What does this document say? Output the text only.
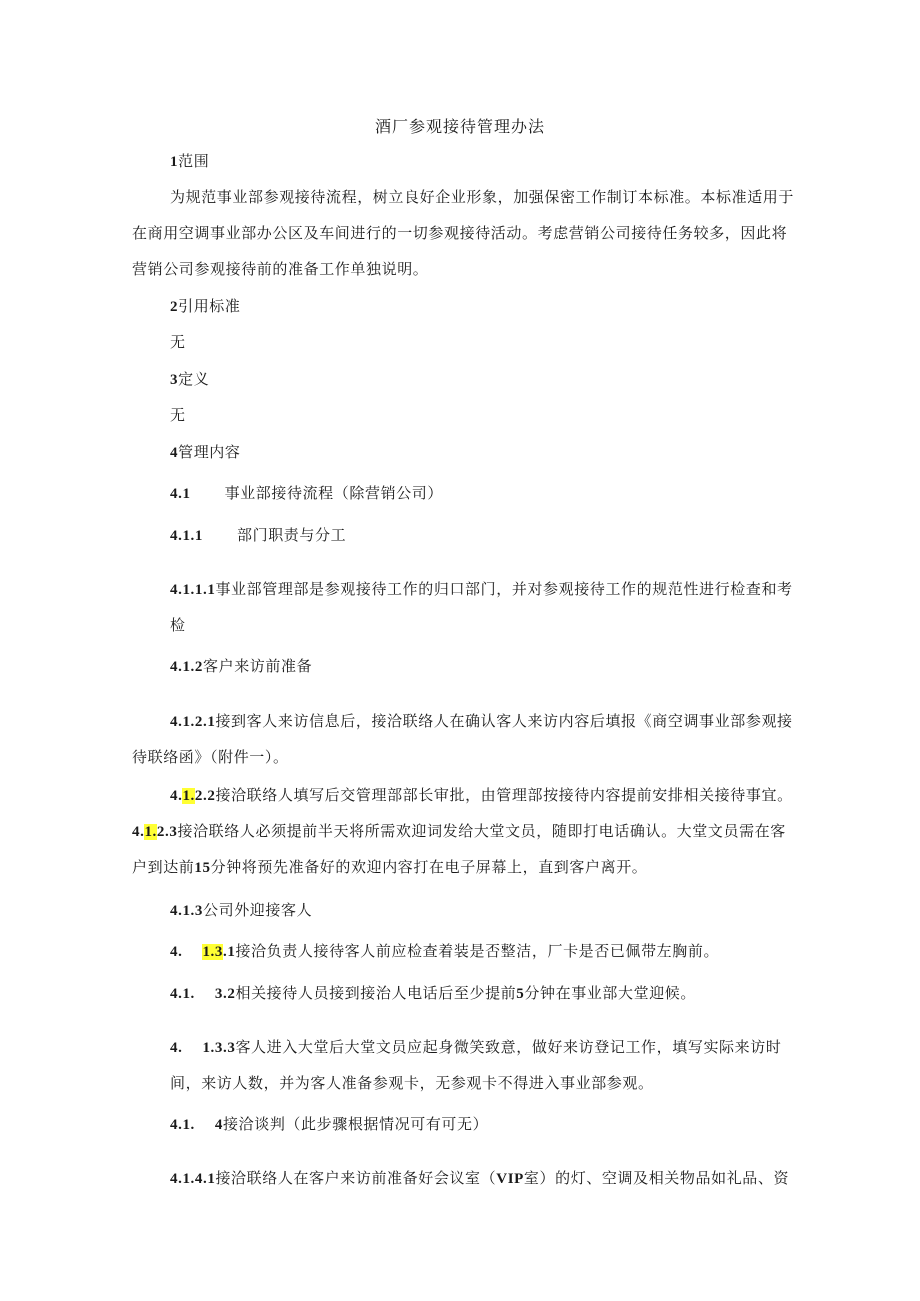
酒厂参观接待管理办法
1范围
为规范事业部参观接待流程，树立良好企业形象，加强保密工作制订本标准。本标准适用于
在商用空调事业部办公区及车间进行的一切参观接待活动。考虑营销公司接待任务较多，因此将
营销公司参观接待前的准备工作单独说明。
2引用标准
无
3定义
无
4管理内容
4.1 事业部接待流程（除营销公司）
4.1.1 部门职责与分工
4.1.1.1事业部管理部是参观接待工作的归口部门，并对参观接待工作的规范性进行检查和考
检
4.1.2客户来访前准备
4.1.2.1接到客人来访信息后，接洽联络人在确认客人来访内容后填报《商空调事业部参观接
待联络函》（附件一）。
4.1.2.2接洽联络人填写后交管理部部长审批，由管理部按接待内容提前安排相关接待事宜。
4.1.2.3接洽联络人必须提前半天将所需欢迎词发给大堂文员，随即打电话确认。大堂文员需在客
户到达前15分钟将预先准备好的欢迎内容打在电子屏幕上，直到客户离开。
4.1.3公司外迎接客人
4. 1.3.1接洽负责人接待客人前应检查着装是否整洁，厂卡是否已佩带左胸前。
4.1. 3.2相关接待人员接到接治人电话后至少提前5分钟在事业部大堂迎候。
4. 1.3.3客人进入大堂后大堂文员应起身微笑致意，做好来访登记工作，填写实际来访时
间，来访人数，并为客人准备参观卡，无参观卡不得进入事业部参观。
4.1. 4接洽谈判（此步骤根据情况可有可无）
4.1.4.1接洽联络人在客户来访前准备好会议室（VIP室）的灯、空调及相关物品如礼品、资
